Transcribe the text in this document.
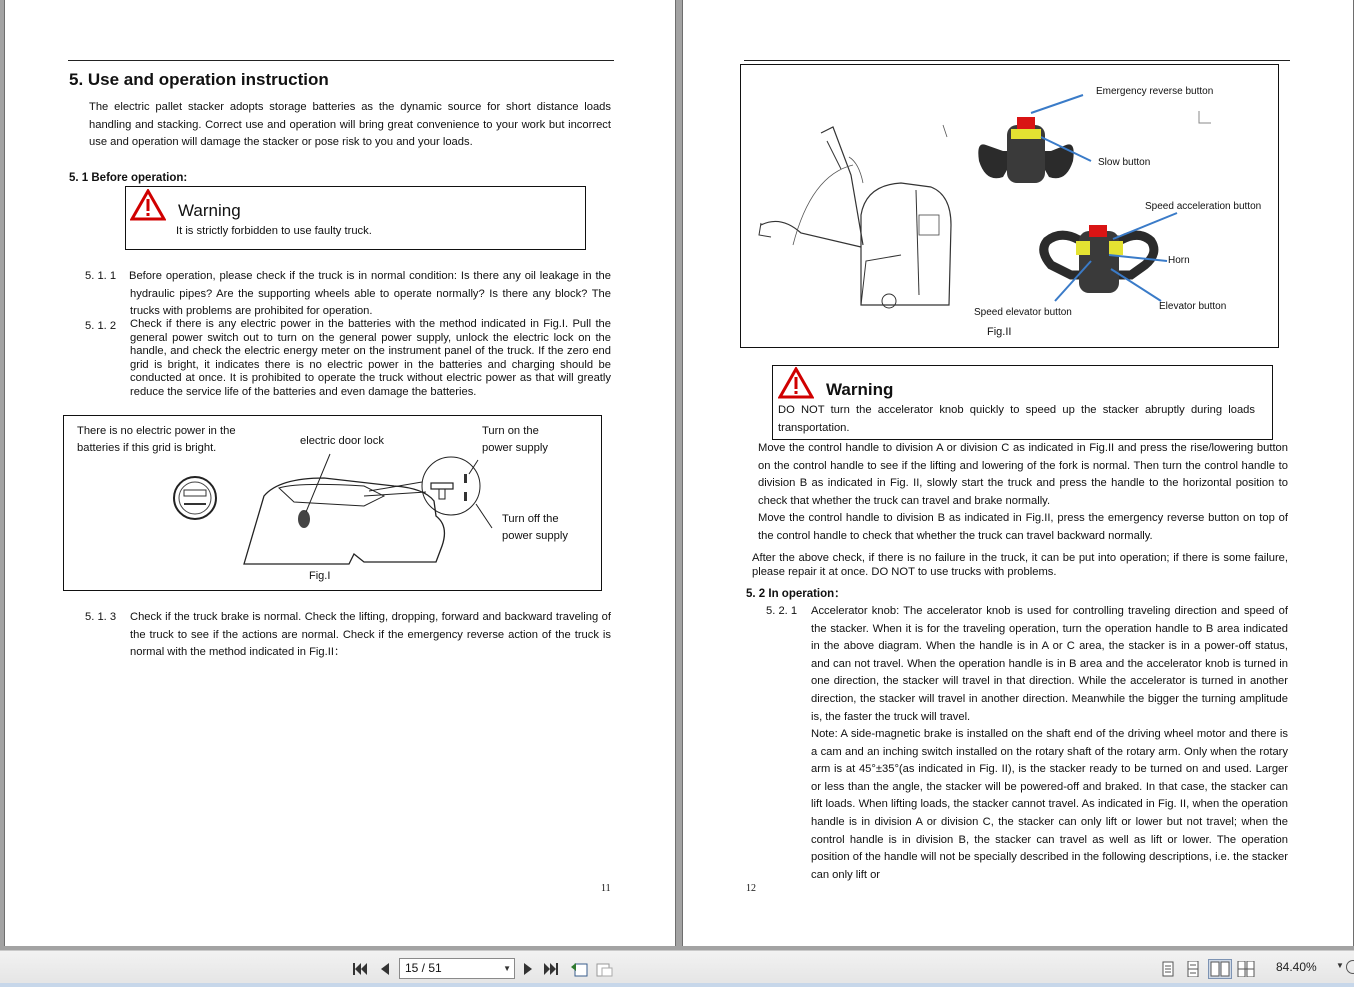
5. Use and operation instruction
The electric pallet stacker adopts storage batteries as the dynamic source for short distance loads handling and stacking. Correct use and operation will bring great convenience to your work but incorrect use and operation will damage the stacker or pose risk to you and your loads.
5. 1 Before operation:
Warning
It is strictly forbidden to use faulty truck.
5. 1. 1 Before operation, please check if the truck is in normal condition: Is there any oil leakage in the hydraulic pipes? Are the supporting wheels able to operate normally? Is there any block? The trucks with problems are prohibited for operation.
5. 1. 2 Check if there is any electric power in the batteries with the method indicated in Fig.I. Pull the general power switch out to turn on the general power supply, unlock the electric lock on the handle, and check the electric energy meter on the instrument panel of the truck. If the zero end grid is bright, it indicates there is no electric power in the batteries and charging should be conducted at once. It is prohibited to operate the truck without electric power as that will greatly reduce the service life of the batteries and even damage the batteries.
There is no electric power in the batteries if this grid is bright.
electric door lock
Turn on the power supply
Turn off the power supply
Fig.I
5. 1. 3 Check if the truck brake is normal. Check the lifting, dropping, forward and backward traveling of the truck to see if the actions are normal. Check if the emergency reverse action of the truck is normal with the method indicated in Fig.II：
11
Emergency reverse button
Slow button
Speed acceleration button
Horn
Elevator button
Speed elevator button
Fig.II
Warning
DO NOT turn the accelerator knob quickly to speed up the stacker abruptly during loads transportation.
Move the control handle to division A or division C as indicated in Fig.II and press the rise/lowering button on the control handle to see if the lifting and lowering of the fork is normal. Then turn the control handle to division B as indicated in Fig. II, slowly start the truck and press the handle to the horizontal position to check that whether the truck can travel and brake normally.
Move the control handle to division B as indicated in Fig.II, press the emergency reverse button on top of the control handle to check that whether the truck can travel backward normally.
After the above check, if there is no failure in the truck, it can be put into operation; if there is some failure, please repair it at once. DO NOT to use trucks with problems.
5. 2 In operation：
5. 2. 1 Accelerator knob: The accelerator knob is used for controlling traveling direction and speed of the stacker. When it is for the traveling operation, turn the operation handle to B area indicated in the above diagram. When the handle is in A or C area, the stacker is in a power-off status, and can not travel. When the operation handle is in B area and the accelerator knob is turned in one direction, the stacker will travel in that direction. While the accelerator is turned in another direction, the stacker will travel in another direction. Meanwhile the bigger the turning amplitude is, the faster the truck will travel.
Note: A side-magnetic brake is installed on the shaft end of the driving wheel motor and there is a cam and an inching switch installed on the rotary shaft of the rotary arm. Only when the rotary arm is at 45°±35°(as indicated in Fig. II), is the stacker ready to be turned on and used. Larger or less than the angle, the stacker will be powered-off and braked. In that case, the stacker can lift loads. When lifting loads, the stacker cannot travel. As indicated in Fig. II, when the operation handle is in division A or division C, the stacker can only lift or lower but not travel; when the control handle is in division B, the stacker can travel as well as lift or lower. The operation position of the handle will not be specially described in the following descriptions, i.e. the stacker can only lift or
12
15 / 51	▼	84.40% ▼
